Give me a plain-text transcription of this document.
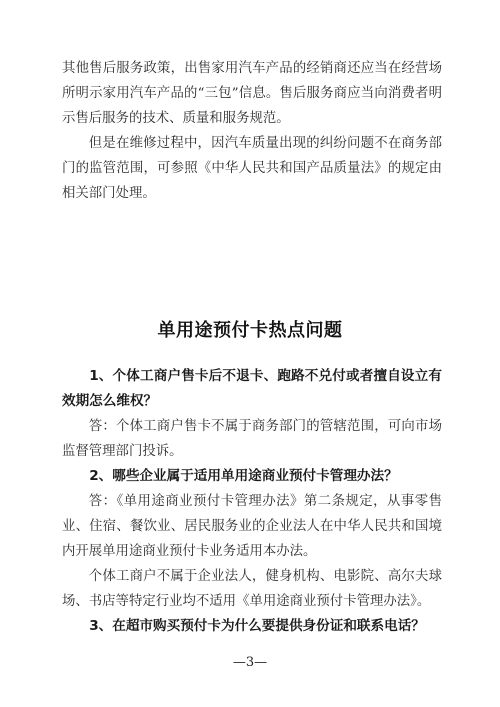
其他售后服务政策，出售家用汽车产品的经销商还应当在经营场所明示家用汽车产品的“三包”信息。售后服务商应当向消费者明示售后服务的技术、质量和服务规范。
但是在维修过程中，因汽车质量出现的纠纷问题不在商务部门的监管范围，可参照《中华人民共和国产品质量法》的规定由相关部门处理。
单用途预付卡热点问题
1、个体工商户售卡后不退卡、跑路不兑付或者擅自设立有效期怎么维权？
答：个体工商户售卡不属于商务部门的管辖范围，可向市场监督管理部门投诉。
2、哪些企业属于适用单用途商业预付卡管理办法？
答：《单用途商业预付卡管理办法》第二条规定，从事零售业、住宿、餐饮业、居民服务业的企业法人在中华人民共和国境内开展单用途商业预付卡业务适用本办法。
个体工商户不属于企业法人，健身机构、电影院、高尔夫球场、书店等特定行业均不适用《单用途商业预付卡管理办法》。
3、在超市购买预付卡为什么要提供身份证和联系电话？
—3—
